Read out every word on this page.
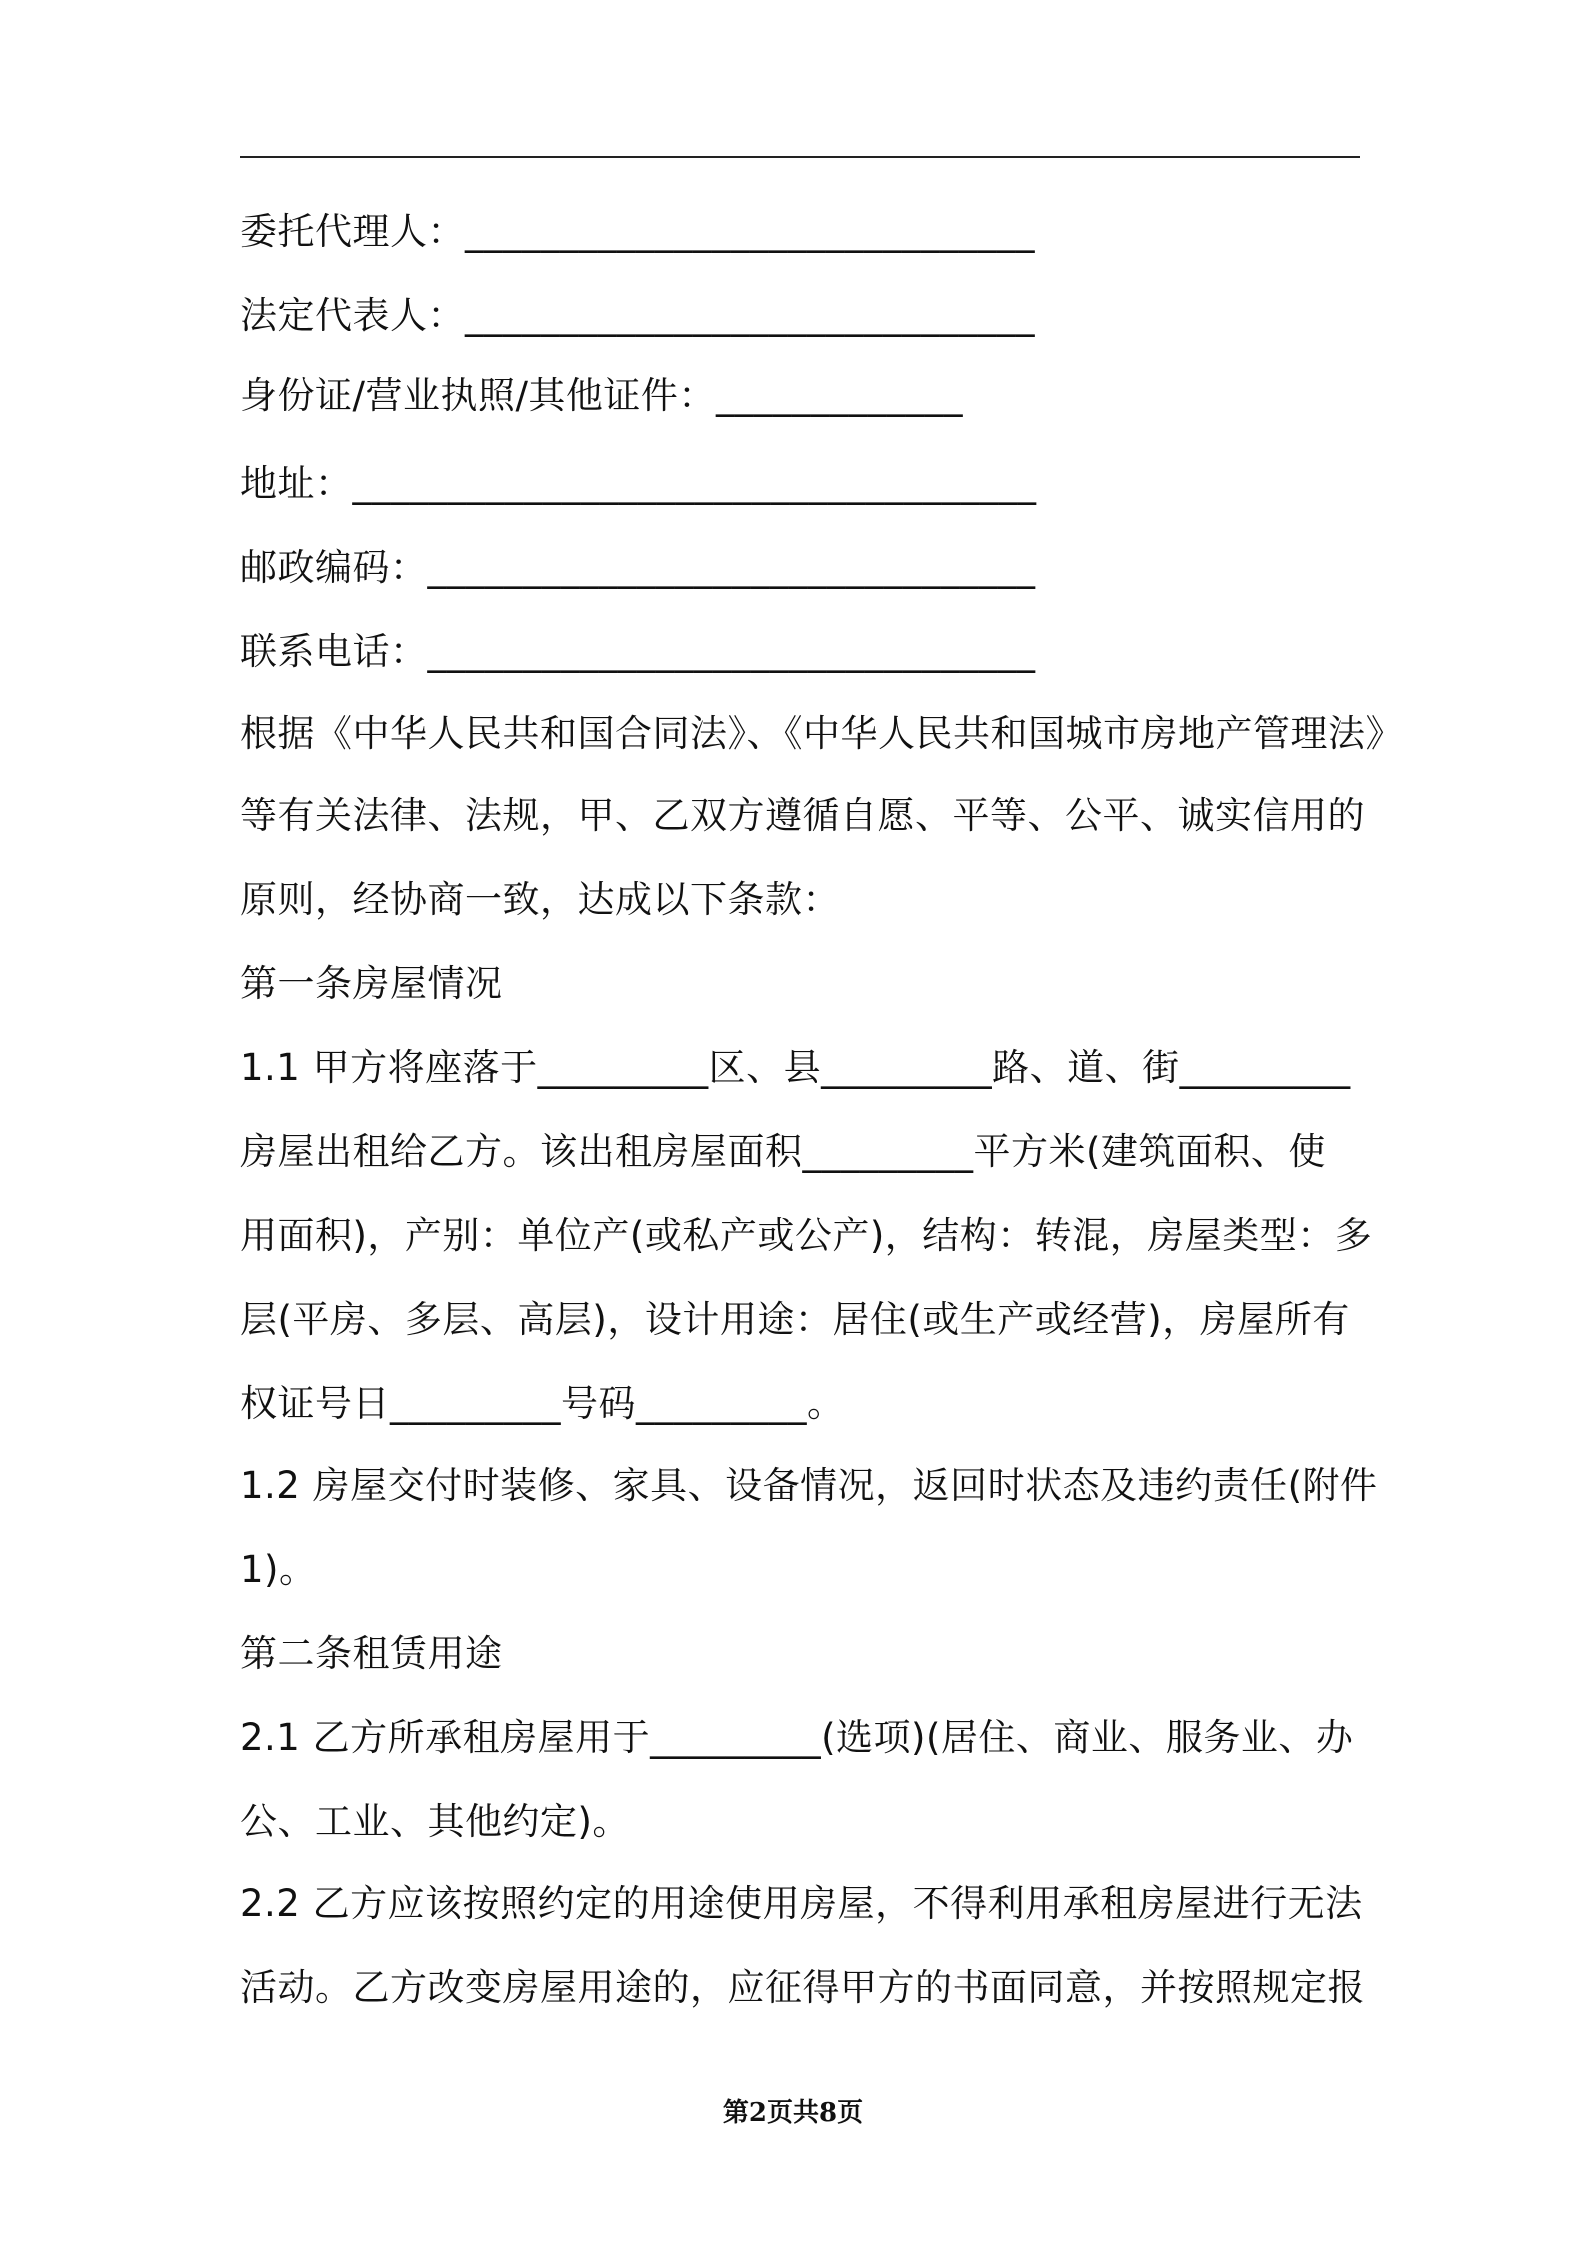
委托代理人：______________________________
法定代表人：______________________________
身份证/营业执照/其他证件：_____________
地址：____________________________________
邮政编码：________________________________
联系电话：________________________________
根据《中华人民共和国合同法》、《中华人民共和国城市房地产管理法》
等有关法律、法规，甲、乙双方遵循自愿、平等、公平、诚实信用的
原则，经协商一致，达成以下条款：
第一条房屋情况
1.1 甲方将座落于_________区、县_________路、道、街_________
房屋出租给乙方。该出租房屋面积_________平方米(建筑面积、使
用面积)，产别：单位产(或私产或公产)，结构：转混，房屋类型：多
层(平房、多层、高层)，设计用途：居住(或生产或经营)，房屋所有
权证号日_________号码_________。
1.2 房屋交付时装修、家具、设备情况，返回时状态及违约责任(附件
1)。
第二条租赁用途
2.1 乙方所承租房屋用于_________(选项)(居住、商业、服务业、办
公、工业、其他约定)。
2.2 乙方应该按照约定的用途使用房屋，不得利用承租房屋进行无法
活动。乙方改变房屋用途的，应征得甲方的书面同意，并按照规定报
第2页共8页
